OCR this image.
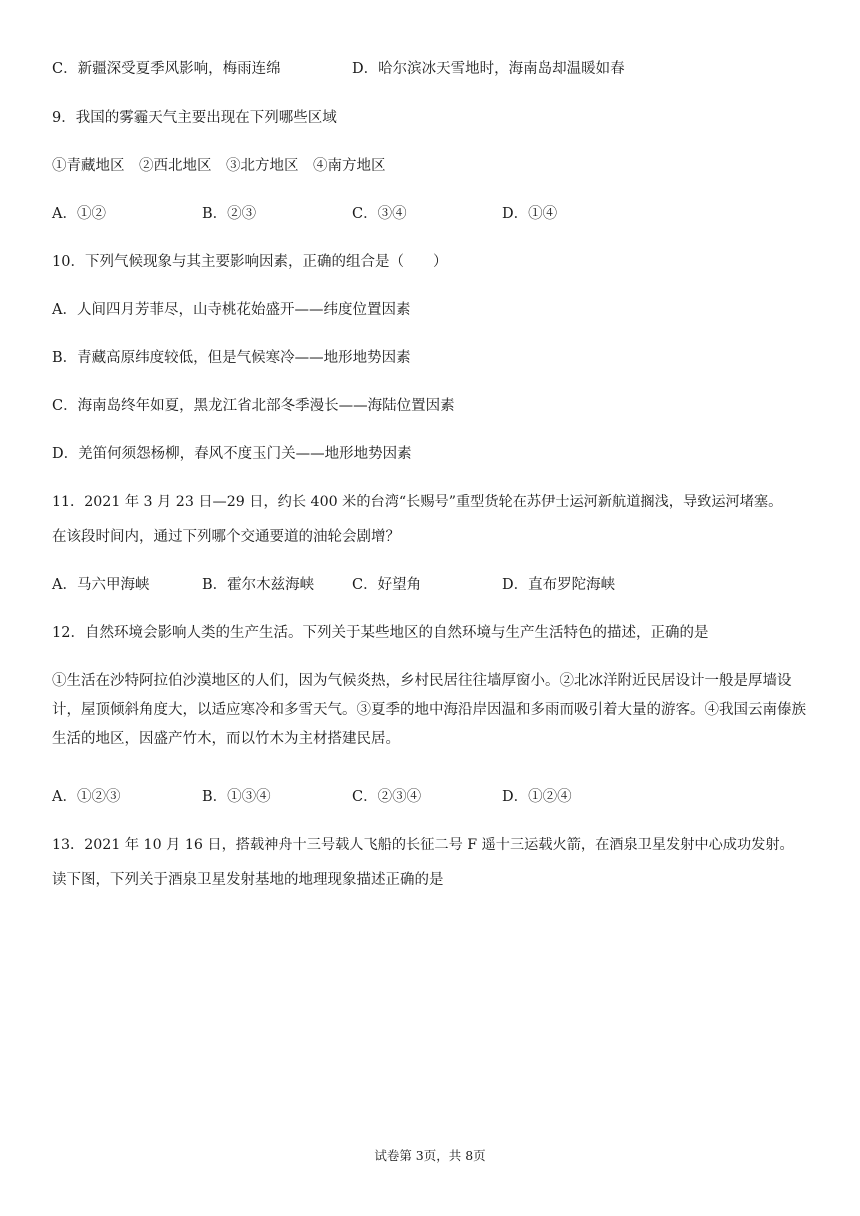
C．新疆深受夏季风影响，梅雨连绵	D．哈尔滨冰天雪地时，海南岛却温暖如春
9．我国的雾霾天气主要出现在下列哪些区域
①青藏地区　②西北地区　③北方地区　④南方地区
A．①②	B．②③	C．③④	D．①④
10．下列气候现象与其主要影响因素，正确的组合是（　　）
A．人间四月芳菲尽，山寺桃花始盛开——纬度位置因素
B．青藏高原纬度较低，但是气候寒冷——地形地势因素
C．海南岛终年如夏，黑龙江省北部冬季漫长——海陆位置因素
D．羌笛何须怨杨柳，春风不度玉门关——地形地势因素
11．2021 年 3 月 23 日—29 日，约长 400 米的台湾“长赐号”重型货轮在苏伊士运河新航道搁浅，导致运河堵塞。
在该段时间内，通过下列哪个交通要道的油轮会剧增？
A．马六甲海峡	B．霍尔木兹海峡	C．好望角	D．直布罗陀海峡
12．自然环境会影响人类的生产生活。下列关于某些地区的自然环境与生产生活特色的描述，正确的是
①生活在沙特阿拉伯沙漠地区的人们，因为气候炎热，乡村民居往往墙厚窗小。②北冰洋附近民居设计一般是厚墙设计，屋顶倾斜角度大，以适应寒冷和多雪天气。③夏季的地中海沿岸因温和多雨而吸引着大量的游客。④我国云南傣族生活的地区，因盛产竹木，而以竹木为主材搭建民居。
A．①②③	B．①③④	C．②③④	D．①②④
13．2021 年 10 月 16 日，搭载神舟十三号载人飞船的长征二号 F 遥十三运载火箭，在酒泉卫星发射中心成功发射。
读下图，下列关于酒泉卫星发射基地的地理现象描述正确的是
试卷第 3页，共 8页
